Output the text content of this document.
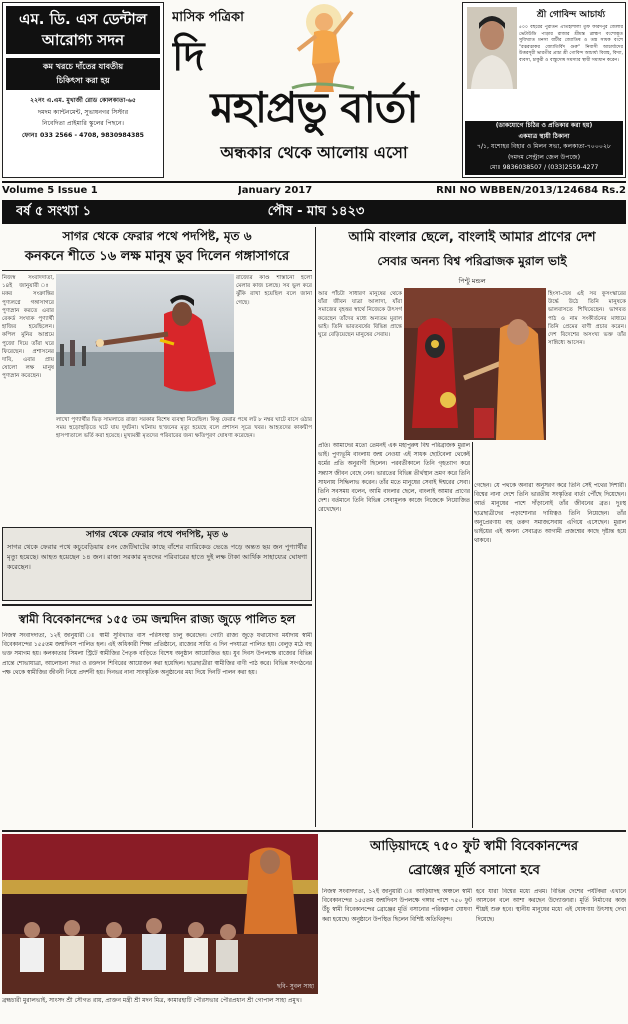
এম. ডি. এস ডেন্টাল
আরোগ্য সদন
কম খরচে দাঁতের যাবতীয়
চিকিৎসা করা হয়
২২নং এ.এম. মুখার্জী রোড কোলকাতা-৬৫
দমদম ক্যান্টনমেন্ট, সুভাষনগর সিস্টার
নিবেদিতা প্রাইমারি স্কুলের পিছনে।
ফোনঃ 033 2566 - 4708, 9830984385
মাসিক পত্রিকা
দি
মহাপ্রভু বার্তা
অন্ধকার থেকে আলোয় এসো
শ্রী গোবিন্দ আচার্য্য
৫০০ বছরের পুরাতন ঐতিহ্যশালী তুফ ফরিদপুর জেলার ভেটাউডি পাড়ার রাজার শ্রীমন্ত ব্রাহ্মণ বংশোদ্ভূত সুবিখ্যাত মনসা বাটীর জ্যোতিষ ও তন্ত্র সাধক বংশে "রত্নরত্নাকর জ্যোতির্বিদ গুরু" নিবাসী আচার্য্যদের উত্তরসূরী ভারতীর প্রাচ্য শ্রী গোবিন্দ আচার্য্য বিবাহ, বিদ্যা, ব্যবসা, চাকুরী ও বাস্তুদোষ সমস্যার স্থায়ী সমাধান করেন।
(ডাকযোগে চিঠির ও প্রতিকার করা হয়)
একমাত্র স্থায়ী ঠিকানা
৭/১, যশোহর বিহার ও মিলন সভা, কলকাতা-৭০০০২৮
(দমদম সেন্ট্রাল জেল উপজে)
মোঃ 9836038507 / (033)2559-4277
Volume 5 Issue 1	January 2017	RNI NO WBBEN/2013/124684 Rs.2
বর্ষ ৫ সংখ্যা ১	পৌষ - মাঘ ১৪২৩
সাগর থেকে ফেরার পথে পদপিষ্ট, মৃত ৬
কনকনে শীতে ১৬ লক্ষ মানুষ ডুব দিলেন গঙ্গাসাগরে
নিজস্ব সংবাদদাতা, ১৪ই জানুয়ারী ঃ মকর সংক্রান্তির পুণ্যলগ্নে গঙ্গাসাগরে পুণ্যস্নান করতে এবার রেকর্ড সংখ্যক পুণ্যার্থী হাজির হয়েছিলেন। কপিল মুনির আশ্রমে পুজো দিয়ে তাঁরা ঘরে ফিরেছেন। প্রশাসনের দাবি, এবার প্রায় ষোলো লক্ষ মানুষ পুণ্যস্নান করেছেন।
রাজ্যের কাণ্ড শাস্তানো হলো মেলার কাজ চলছে। সব ভুল করে ঝুঁকি রাখা হয়েছিল বলে জানা গেছে।
লাখো পুণ্যার্থীর ভিড় সামলাতে রাজ্য সরকার বিশেষ ব্যবস্থা নিয়েছিল। কিন্তু ফেরার পথে লট ৮ নম্বর ঘাটে বাসে ওঠার সময় হুড়োহুড়িতে ঘটে যায় দুর্ঘটনা। ঘটনায় ছ'জনের মৃত্যু হয়েছে বলে প্রশাসন সূত্রে খবর। আহতদের কাকদ্বীপ হাসপাতালে ভর্তি করা হয়েছে। মুখ্যমন্ত্রী মৃতদের পরিবারের জন্য ক্ষতিপূরণ ঘোষণা করেছেন।
সাগর থেকে ফেরার পথে পদপিষ্ট, মৃত ৬
সাগর থেকে ফেরার পথে কচুবেড়িয়ায় ৫নং জেটিঘাটের কাছে বাঁশের ব্যারিকেড ভেঙে পড়ে অন্তত ছয় জন পুণ্যার্থীর মৃত্যু হয়েছে। আহত হয়েছেন ১৪ জন। রাজ্য সরকার মৃতদের পরিবারের হাতে দুই লক্ষ টাকা আর্থিক সাহায্যের ঘোষণা করেছেন।
স্বামী বিবেকানন্দের ১৫৫ তম জন্মদিন রাজ্য জুড়ে পালিত হল
নিজস্ব সংবাদদাতা, ১২ই জানুয়ারী ঃ স্বামী সুবিখ্যাত বাস পরিসংস্থা চালু করেছেন। গোটা রাজ্য জুড়ে যথাযোগ্য মর্যাদায় স্বামী বিবেকানন্দের ১৫৫তম জন্মদিবস পালিত হল। এই অধিকারী শিক্ষা প্রতিষ্ঠানে, রাজ্যের সাধ্যি এ দিন পদযাত্রা পালিত হয়। বেলুড় মঠে বহু ভক্ত সমাগম হয়। কলকাতার সিমলা স্ট্রিটে স্বামীজির পৈতৃক বাড়িতে বিশেষ অনুষ্ঠান আয়োজিত হয়। যুব দিবস উপলক্ষে রাজ্যের বিভিন্ন প্রান্তে শোভাযাত্রা, আলোচনা সভা ও রক্তদান শিবিরের আয়োজন করা হয়েছিল। ছাত্রছাত্রীরা স্বামীজির বাণী পাঠ করে। বিভিন্ন সংগঠনের পক্ষ থেকে স্বামীজির জীবনী নিয়ে প্রদর্শনী হয়। দিনভর নানা সাংস্কৃতিক অনুষ্ঠানের মধ্য দিয়ে দিনটি পালন করা হয়।
আমি বাংলার ছেলে, বাংলাই আমার প্রাণের দেশ
সেবার অনন্য বিশ্ব পরিব্রাজক মুরাল ভাই
পিন্টু মন্ডল
আর পাঁচটা সাধারণ মানুষের থেকে যাঁরা জীবন যাত্রা আলাদা, যাঁরা সমাজের বৃহত্তর স্বার্থে নিজেকে উৎসর্গ করেছেন তাঁদের মধ্যে অন্যতম মুরাল ভাই। তিনি ভারতবর্ষের বিভিন্ন প্রান্তে ঘুরে বেড়িয়েছেন মানুষের সেবায়।
হিংসা-দ্বেষ এই সব কুসংস্কারের উর্দ্ধে উঠে তিনি মানুষকে ভালবাসতে শিখিয়েছেন। ভাগবত পাঠ ও নাম সংকীর্তনের মাধ্যমে তিনি প্রেমের বাণী প্রচার করেন। দেশ বিদেশের অসংখ্য ভক্ত তাঁর সান্নিধ্যে আসেন।
প্রতি। আমাদের মতো তেমনই এক মহাপুরুষ বিশ্ব পরিব্রাজক মুরাল ভাই। পুণ্যভূমি বাংলায় জন্ম নেওয়া এই সাধক ছোটবেলা থেকেই ধর্মের প্রতি অনুরাগী ছিলেন। পরবর্তীকালে তিনি গৃহত্যাগ করে সন্ন্যাস জীবন বেছে নেন। ভারতের বিভিন্ন তীর্থস্থান ভ্রমণ করে তিনি সাধনায় সিদ্ধিলাভ করেন। তাঁর মতে মানুষের সেবাই ঈশ্বরের সেবা। তিনি সবসময় বলেন, আমি বাংলার ছেলে, বাংলাই আমার প্রাণের দেশ। বর্তমানে তিনি বিভিন্ন সেবামূলক কাজে নিজেকে নিয়োজিত রেখেছেন।
গেছেন। যে পথকে অন্যরা অনুসরণ করে তিনি সেই পথের দিশারী। বিশ্বের নানা দেশে তিনি ভারতীয় সংস্কৃতির বার্তা পৌঁছে দিয়েছেন। আর্ত মানুষের পাশে দাঁড়ানোই তাঁর জীবনের ব্রত। দুঃস্থ ছাত্রছাত্রীদের পড়াশোনার দায়িত্বও তিনি নিয়েছেন। তাঁর অনুপ্রেরণায় বহু তরুণ সমাজসেবায় এগিয়ে এসেছেন। মুরাল ভাইয়ের এই অনন্য সেবাব্রত আগামী প্রজন্মের কাছে দৃষ্টান্ত হয়ে থাকবে।
ছবি- সুবল সাহা
ব্রহ্মচারী মুরালভাই, সাংসদ শ্রী সৌগত রায়, প্রাক্তন মন্ত্রী শ্রী মদন মিত্র, কামারহাটি পৌরসভার পৌরপ্রধান শ্রী গোপাল সাহা প্রমুখ।
আড়িয়াদহে ৭৫০ ফুট স্বামী বিবেকানন্দের
ব্রোঞ্জের মূর্তি বসানো হবে
নিজস্ব সংবাদদাতা, ১২ই জানুয়ারী ঃ আড়িয়াদহ অঞ্চলে স্বামী বিবেকানন্দের ১৫৫তম জন্মদিবস উপলক্ষে গঙ্গার পাশে ৭৫০ ফুট উঁচু স্বামী বিবেকানন্দের ব্রোঞ্জের মূর্তি বসানোর পরিকল্পনা ঘোষণা করা হয়েছে। অনুষ্ঠানে উপস্থিত ছিলেন বিশিষ্ট অতিথিবৃন্দ।
হবে যারা বিশ্বের মধ্যে প্রথম। বিভিন্ন দেশের পর্যটকরা এখানে আসবেন বলে আশা করছেন উদ্যোক্তারা। মূর্তি নির্মাণের কাজ শীঘ্রই শুরু হবে। স্থানীয় মানুষের মধ্যে এই ঘোষণায় উৎসাহ দেখা দিয়েছে।
